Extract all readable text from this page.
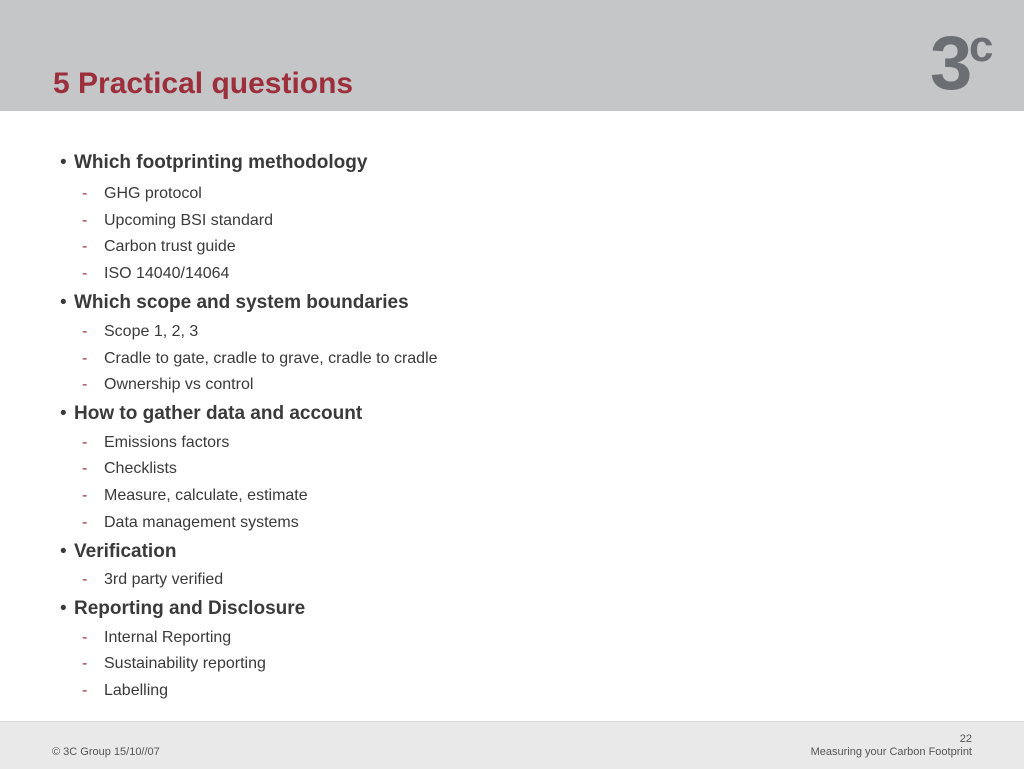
5 Practical questions	3
c
• Which footprinting methodology
- GHG protocol
- Upcoming BSI standard
- Carbon trust guide
- ISO 14040/14064
• Which scope and system boundaries
- Scope 1, 2, 3
- Cradle to gate, cradle to grave, cradle to cradle
- Ownership vs control
• How to gather data and account
- Emissions factors
- Checklists
- Measure, calculate, estimate
- Data management systems
• Verification
- 3rd party verified
• Reporting and Disclosure
- Internal Reporting
- Sustainability reporting
- Labelling
© 3C Group 15/10//07
22
Measuring your Carbon Footprint
